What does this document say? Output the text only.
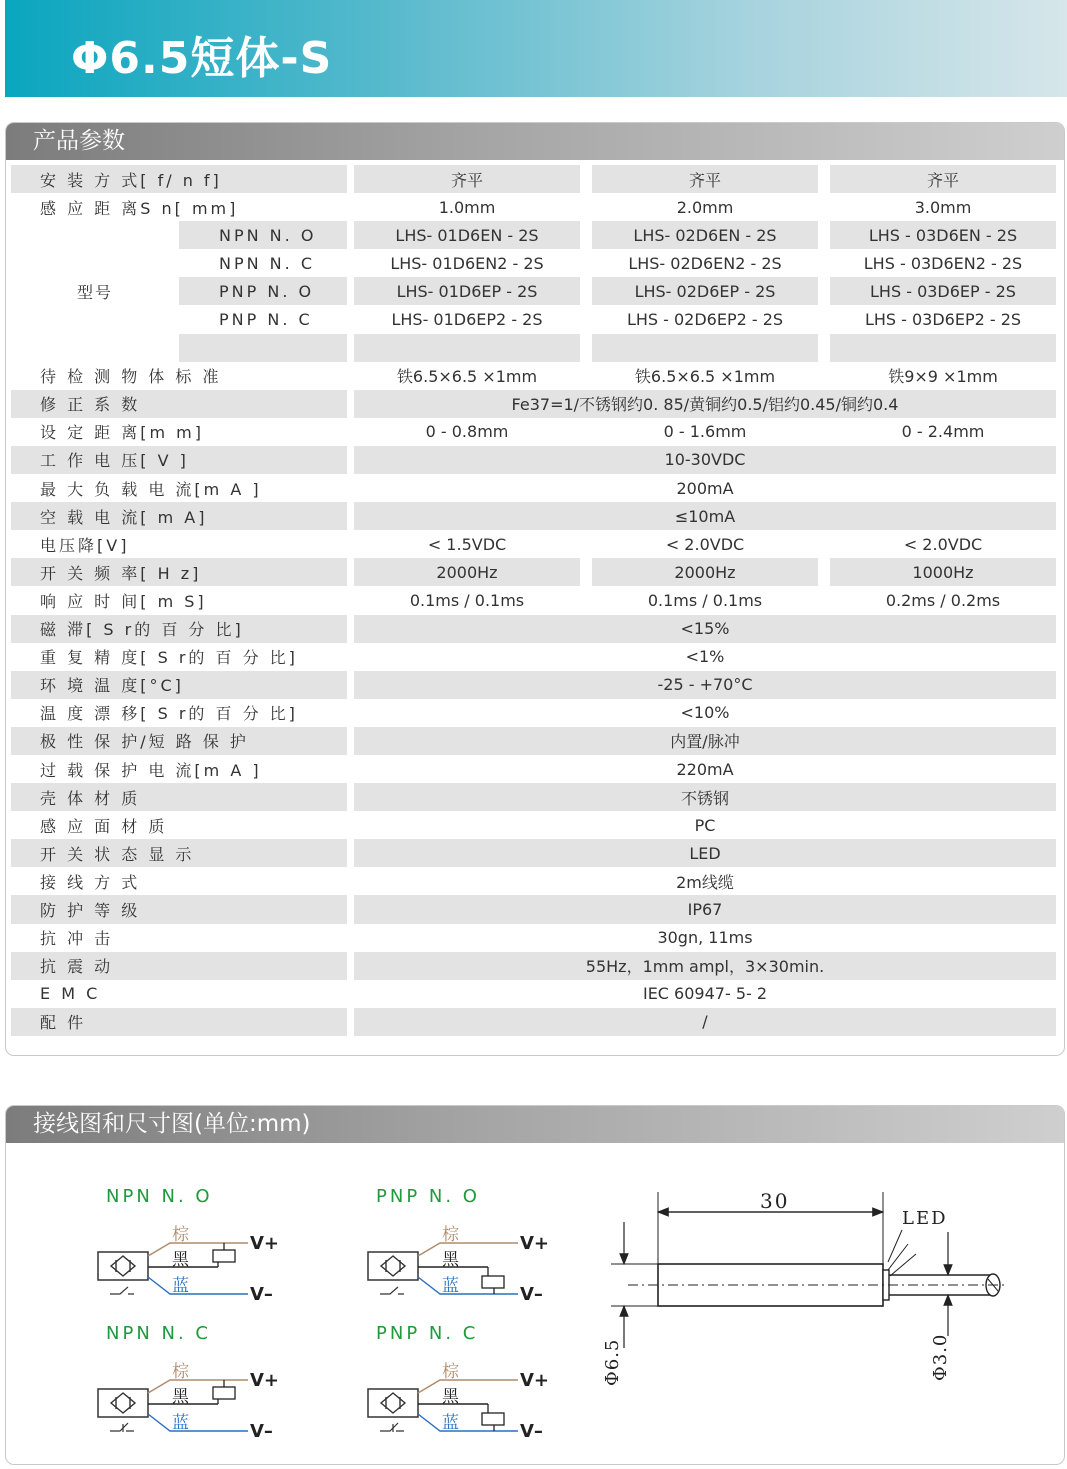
Φ6.5短体-S
产品参数
安 装 方 式[ f/ n f]			齐平		齐平		齐平
感 应 距 离S n[ mm]			1.0mm		2.0mm		3.0mm
型号	NPN N. O		LHS- 01D6EN - 2S		LHS- 02D6EN - 2S		LHS - 03D6EN - 2S
	NPN N. C		LHS- 01D6EN2 - 2S		LHS- 02D6EN2 - 2S		LHS - 03D6EN2 - 2S
	PNP N. O		LHS- 01D6EP - 2S		LHS- 02D6EP - 2S		LHS - 03D6EP - 2S
	PNP N. C		LHS- 01D6EP2 - 2S		LHS - 02D6EP2 - 2S		LHS - 03D6EP2 - 2S

待 检 测 物 体 标 准			铁6.5×6.5 ×1mm		铁6.5×6.5 ×1mm		铁9×9 ×1mm
修 正 系 数			Fe37=1/不锈钢约0. 85/黄铜约0.5/铝约0.45/铜约0.4				
设 定 距 离[m m]			0 - 0.8mm		0 - 1.6mm		0 - 2.4mm
工 作 电 压[ V ]			10-30VDC				
最 大 负 载 电 流[m A ]			200mA				
空 载 电 流[ m A]			≤10mA				
电压降[V]			< 1.5VDC		< 2.0VDC		< 2.0VDC
开 关 频 率[ H z]			2000Hz		2000Hz		1000Hz
响 应 时 间[ m S]			0.1ms / 0.1ms		0.1ms / 0.1ms		0.2ms / 0.2ms
磁 滞[ S r的 百 分 比]			<15%				
重 复 精 度[ S r的 百 分 比]			<1%				
环 境 温 度[°C]			-25 - +70°C				
温 度 漂 移[ S r的 百 分 比]			<10%				
极 性 保 护/短 路 保 护			内置/脉冲				
过 载 保 护 电 流[m A ]			220mA				
壳 体 材 质			不锈钢				
感 应 面 材 质			PC				
开 关 状 态 显 示			LED				
接 线 方 式			2m线缆				
防 护 等 级			IP67				
抗 冲 击			30gn, 11ms				
抗 震 动			55Hz，1mm ampl，3×30min.				
E M C			IEC 60947- 5- 2				
配 件			/				
接线图和尺寸图(单位:mm)
NPN N. O
棕
黑
蓝
V+
V–
PNP N. O
棕
黑
蓝
V+
V–
NPN N. C
棕
黑
蓝
V+
V–
PNP N. C
棕
黑
蓝
V+
V–
30
LED
Φ6.5	Φ3.0
